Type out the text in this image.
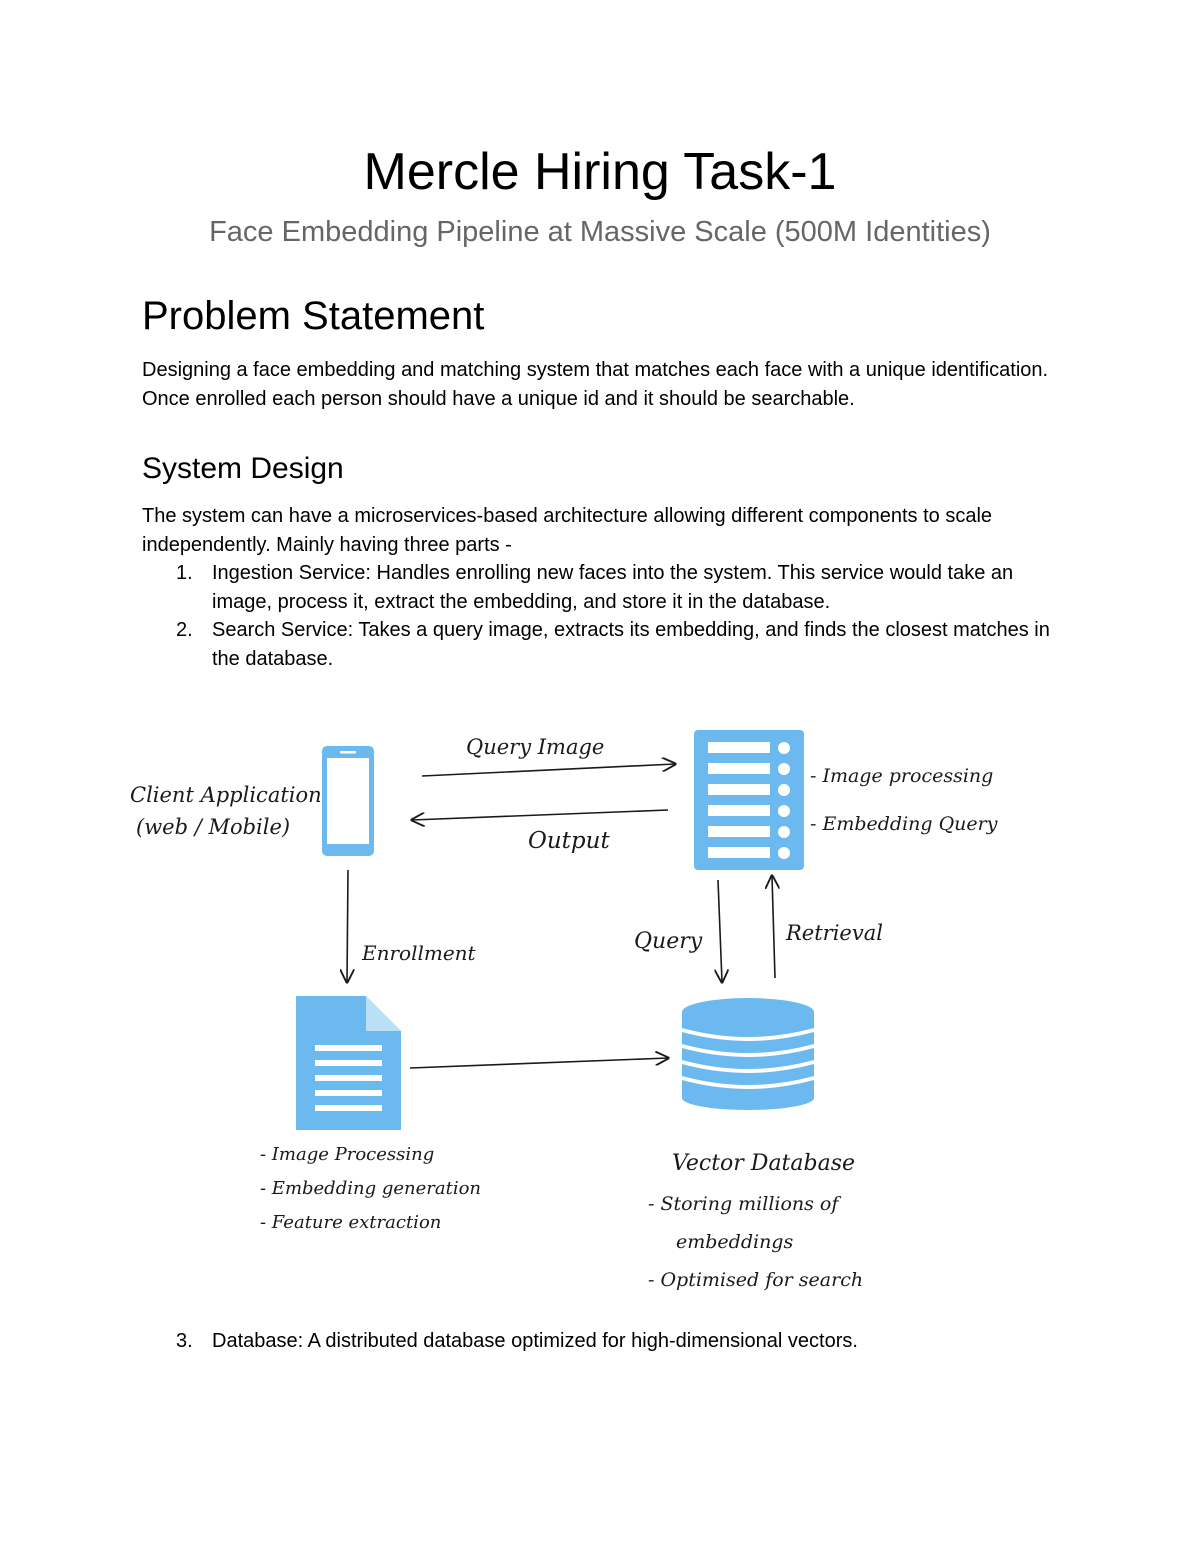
Mercle Hiring Task-1

Face Embedding Pipeline at Massive Scale (500M Identities)

Problem Statement

Designing a face embedding and matching system that matches each face with a unique identification. Once enrolled each person should have a unique id and it should be searchable.

System Design

The system can have a microservices-based architecture allowing different components to scale independently. Mainly having three parts -

1. Ingestion Service: Handles enrolling new faces into the system. This service would take an image, process it, extract the embedding, and store it in the database.
2. Search Service: Takes a query image, extracts its embedding, and finds the closest matches in the database.
Client Application
(web / Mobile)
Query Image
Output
- Image processing
- Embedding Query
Enrollment	Query	Retrieval
- Image Processing
- Embedding generation
- Feature extraction
Vector Database
- Storing millions of
embeddings
- Optimised for search
3. Database: A distributed database optimized for high-dimensional vectors.
